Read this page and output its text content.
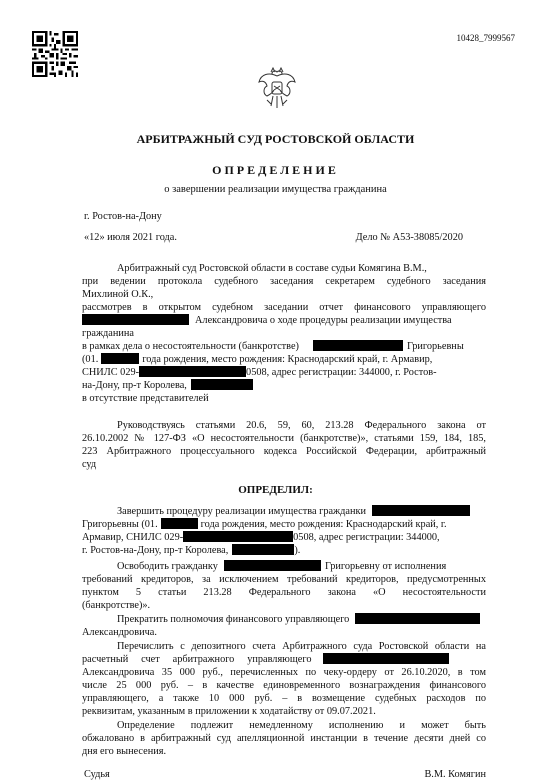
10428_7999567
АРБИТРАЖНЫЙ СУД РОСТОВСКОЙ ОБЛАСТИ
ОПРЕДЕЛЕНИЕ
о завершении реализации имущества гражданина
г. Ростов-на-Дону
«12» июля 2021 года.	Дело № А53-38085/2020
Арбитражный суд Ростовской области в составе судьи Комягина В.М.,
при ведении протокола судебного заседания секретарем судебного заседания
Михлиной О.К.,
рассмотрев в открытом судебном заседании отчет финансового управляющего
Александровича о ходе процедуры реализации имущества
гражданина
в рамках дела о несостоятельности (банкротстве)	Григорьевны
(01.	года рождения, место рождения: Краснодарский край, г. Армавир,
СНИЛС 029-	0508, адрес регистрации: 344000, г. Ростов-
на-Дону, пр-т Королева,
в отсутствие представителей
Руководствуясь статьями 20.6, 59, 60, 213.28 Федерального закона от
26.10.2002 № 127-ФЗ «О несостоятельности (банкротстве)», статьями 159, 184, 185,
223 Арбитражного процессуального кодекса Российской Федерации, арбитражный
суд
ОПРЕДЕЛИЛ:
Завершить процедуру реализации имущества гражданки
Григорьевны (01.	года рождения, место рождения: Краснодарский край, г.
Армавир, СНИЛС 029-	0508, адрес регистрации: 344000,
г. Ростов-на-Дону, пр-т Королева,	).
Освободить гражданку	Григорьевну от исполнения
требований кредиторов, за исключением требований кредиторов, предусмотренных
пунктом 5 статьи 213.28 Федерального закона «О несостоятельности
(банкротстве)».
Прекратить полномочия финансового управляющего
Александровича.
Перечислить с депозитного счета Арбитражного суда Ростовской области на
расчетный     счет     арбитражного     управляющего
Александровича 35 000 руб., перечисленных по чеку-ордеру от 26.10.2020, в том
числе 25 000 руб. – в качестве единовременного вознаграждения финансового
управляющего, а также 10 000 руб. – в возмещение судебных расходов по
реквизитам, указанным в приложении к ходатайству от 09.07.2021.
Определение подлежит немедленному исполнению и может быть
обжаловано в арбитражный суд апелляционной инстанции в течение десяти дней со
дня его вынесения.
Судья	В.М. Комягин
